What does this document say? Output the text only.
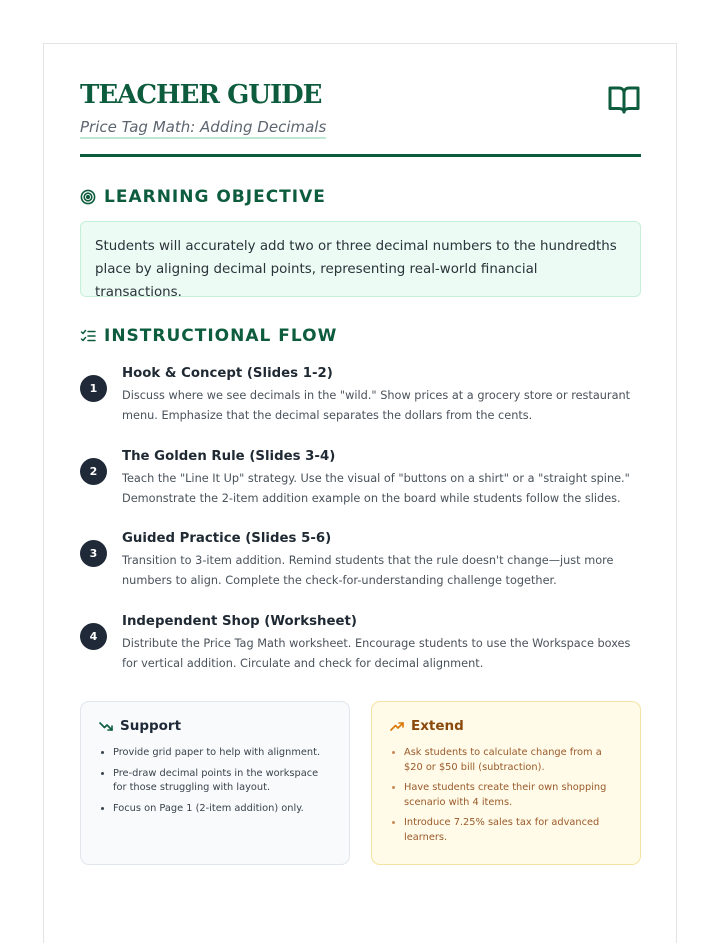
TEACHER GUIDE

Price Tag Math: Adding Decimals

LEARNING OBJECTIVE
Students will accurately add two or three decimal numbers to the hundredths place by aligning decimal points, representing real-world financial transactions.
INSTRUCTIONAL FLOW
1
Hook & Concept (Slides 1-2)
Discuss where we see decimals in the "wild." Show prices at a grocery store or restaurant menu. Emphasize that the decimal separates the dollars from the cents.
2
The Golden Rule (Slides 3-4)
Teach the "Line It Up" strategy. Use the visual of "buttons on a shirt" or a "straight spine." Demonstrate the 2-item addition example on the board while students follow the slides.
3
Guided Practice (Slides 5-6)
Transition to 3-item addition. Remind students that the rule doesn't change—just more numbers to align. Complete the check-for-understanding challenge together.
4
Independent Shop (Worksheet)
Distribute the Price Tag Math worksheet. Encourage students to use the Workspace boxes for vertical addition. Circulate and check for decimal alignment.
Support
• Provide grid paper to help with alignment.
• Pre-draw decimal points in the workspace for those struggling with layout.
• Focus on Page 1 (2-item addition) only.
Extend
• Ask students to calculate change from a $20 or $50 bill (subtraction).
• Have students create their own shopping scenario with 4 items.
• Introduce 7.25% sales tax for advanced learners.
